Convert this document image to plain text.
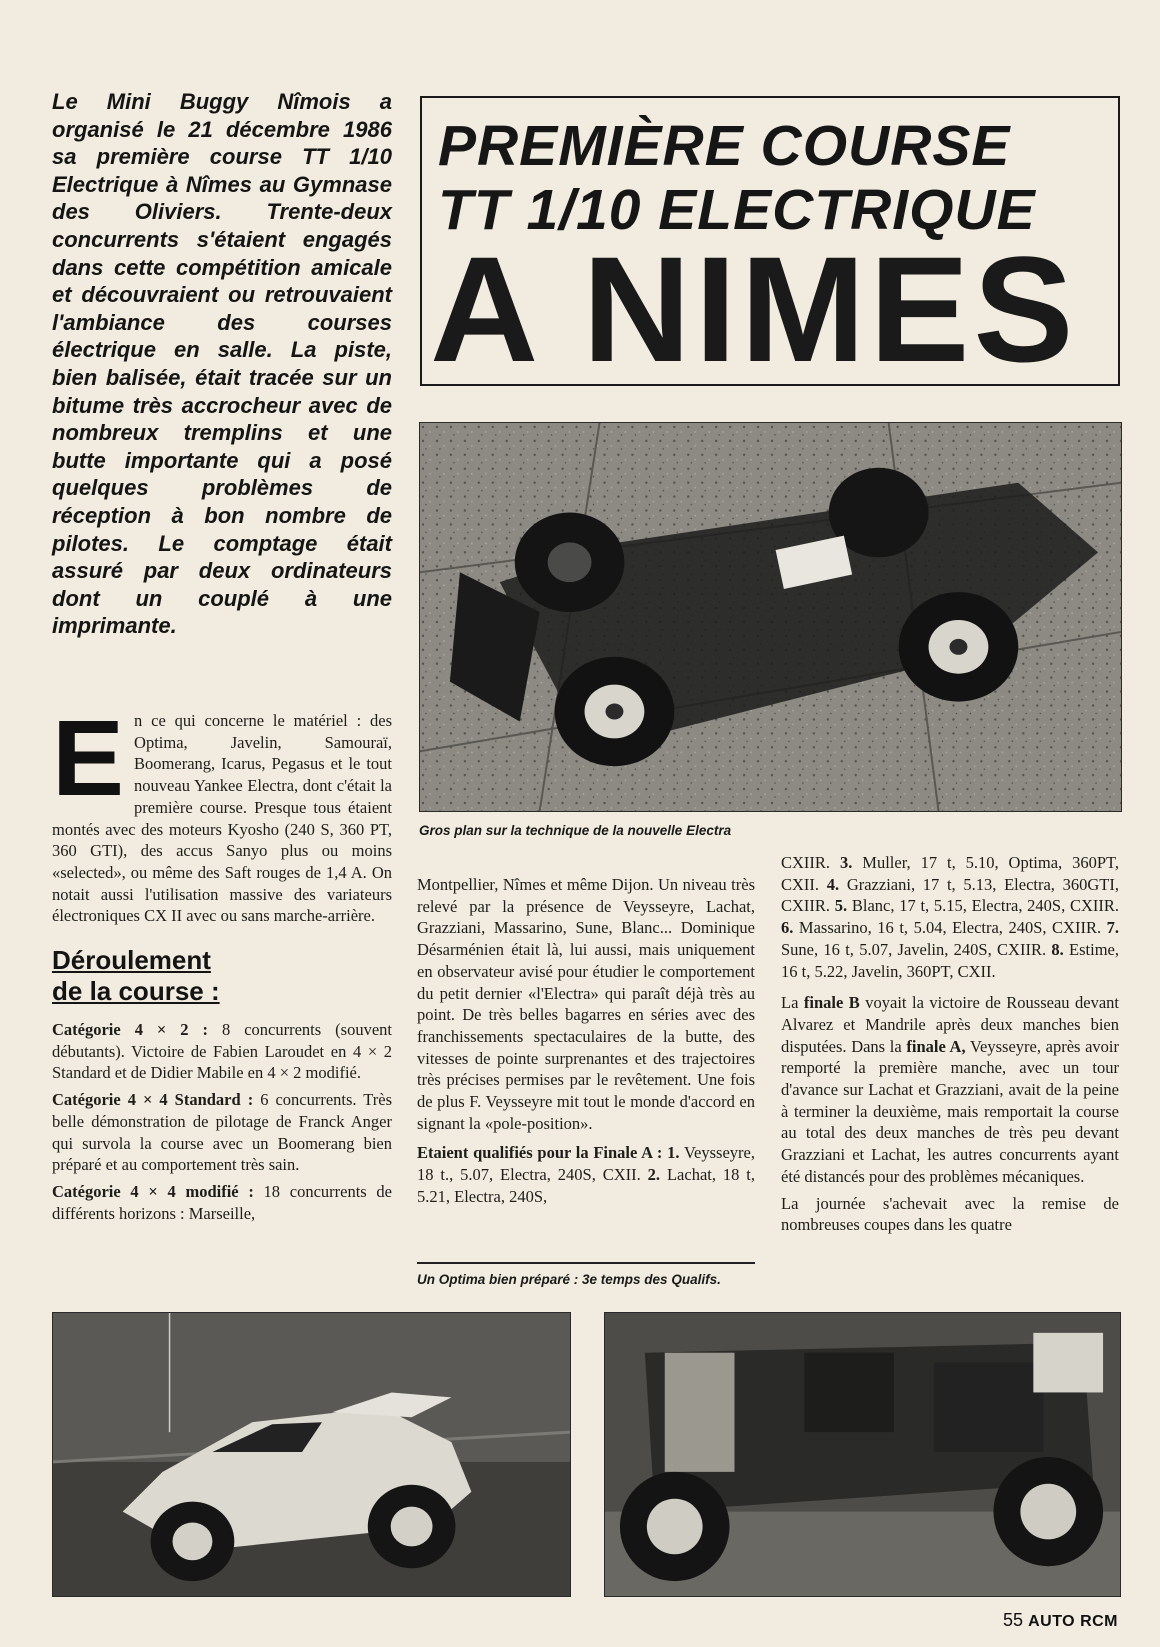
Le Mini Buggy Nîmois a organisé le 21 décembre 1986 sa première course TT 1/10 Electrique à Nîmes au Gymnase des Oliviers. Trente-deux concurrents s'étaient engagés dans cette compétition amicale et découvraient ou retrouvaient l'ambiance des courses électrique en salle. La piste, bien balisée, était tracée sur un bitume très accrocheur avec de nombreux tremplins et une butte importante qui a posé quelques problèmes de réception à bon nombre de pilotes. Le comptage était assuré par deux ordinateurs dont un couplé à une imprimante.
PREMIÈRE COURSE
TT 1/10 ELECTRIQUE
A NIMES
Gros plan sur la technique de la nouvelle Electra

En ce qui concerne le matériel : des Optima, Javelin, Samouraï, Boomerang, Icarus, Pegasus et le tout nouveau Yankee Electra, dont c'était la première course. Presque tous étaient montés avec des moteurs Kyosho (240 S, 360 PT, 360 GTI), des accus Sanyo plus ou moins «selected», ou même des Saft rouges de 1,4 A. On notait aussi l'utilisation massive des variateurs électroniques CX II avec ou sans marche-arrière.

Déroulement
de la course :

Catégorie 4 × 2 : 8 concurrents (souvent débutants). Victoire de Fabien Laroudet en 4 × 2 Standard et de Didier Mabile en 4 × 2 modifié.

Catégorie 4 × 4 Standard : 6 concurrents. Très belle démonstration de pilotage de Franck Anger qui survola la course avec un Boomerang bien préparé et au comportement très sain.

Catégorie 4 × 4 modifié : 18 concurrents de différents horizons : Marseille,

Montpellier, Nîmes et même Dijon. Un niveau très relevé par la présence de Veysseyre, Lachat, Grazziani, Massarino, Sune, Blanc... Dominique Désarménien était là, lui aussi, mais uniquement en observateur avisé pour étudier le comportement du petit dernier «l'Electra» qui paraît déjà très au point. De très belles bagarres en séries avec des franchissements spectaculaires de la butte, des vitesses de pointe surprenantes et des trajectoires très précises permises par le revêtement. Une fois de plus F. Veysseyre mit tout le monde d'accord en signant la «pole-position».

Etaient qualifiés pour la Finale A : 1. Veysseyre, 18 t., 5.07, Electra, 240S, CXII. 2. Lachat, 18 t, 5.21, Electra, 240S,

Un Optima bien préparé : 3e temps des Qualifs.

CXIIR. 3. Muller, 17 t, 5.10, Optima, 360PT, CXII. 4. Grazziani, 17 t, 5.13, Electra, 360GTI, CXIIR. 5. Blanc, 17 t, 5.15, Electra, 240S, CXIIR. 6. Massarino, 16 t, 5.04, Electra, 240S, CXIIR. 7. Sune, 16 t, 5.07, Javelin, 240S, CXIIR. 8. Estime, 16 t, 5.22, Javelin, 360PT, CXII.

La finale B voyait la victoire de Rousseau devant Alvarez et Mandrile après deux manches bien disputées. Dans la finale A, Veysseyre, après avoir remporté la première manche, avec un tour d'avance sur Lachat et Grazziani, avait de la peine à terminer la deuxième, mais remportait la course au total des deux manches de très peu devant Grazziani et Lachat, les autres concurrents ayant été distancés pour des problèmes mécaniques.

La journée s'achevait avec la remise de nombreuses coupes dans les quatre

55 AUTO RCM
